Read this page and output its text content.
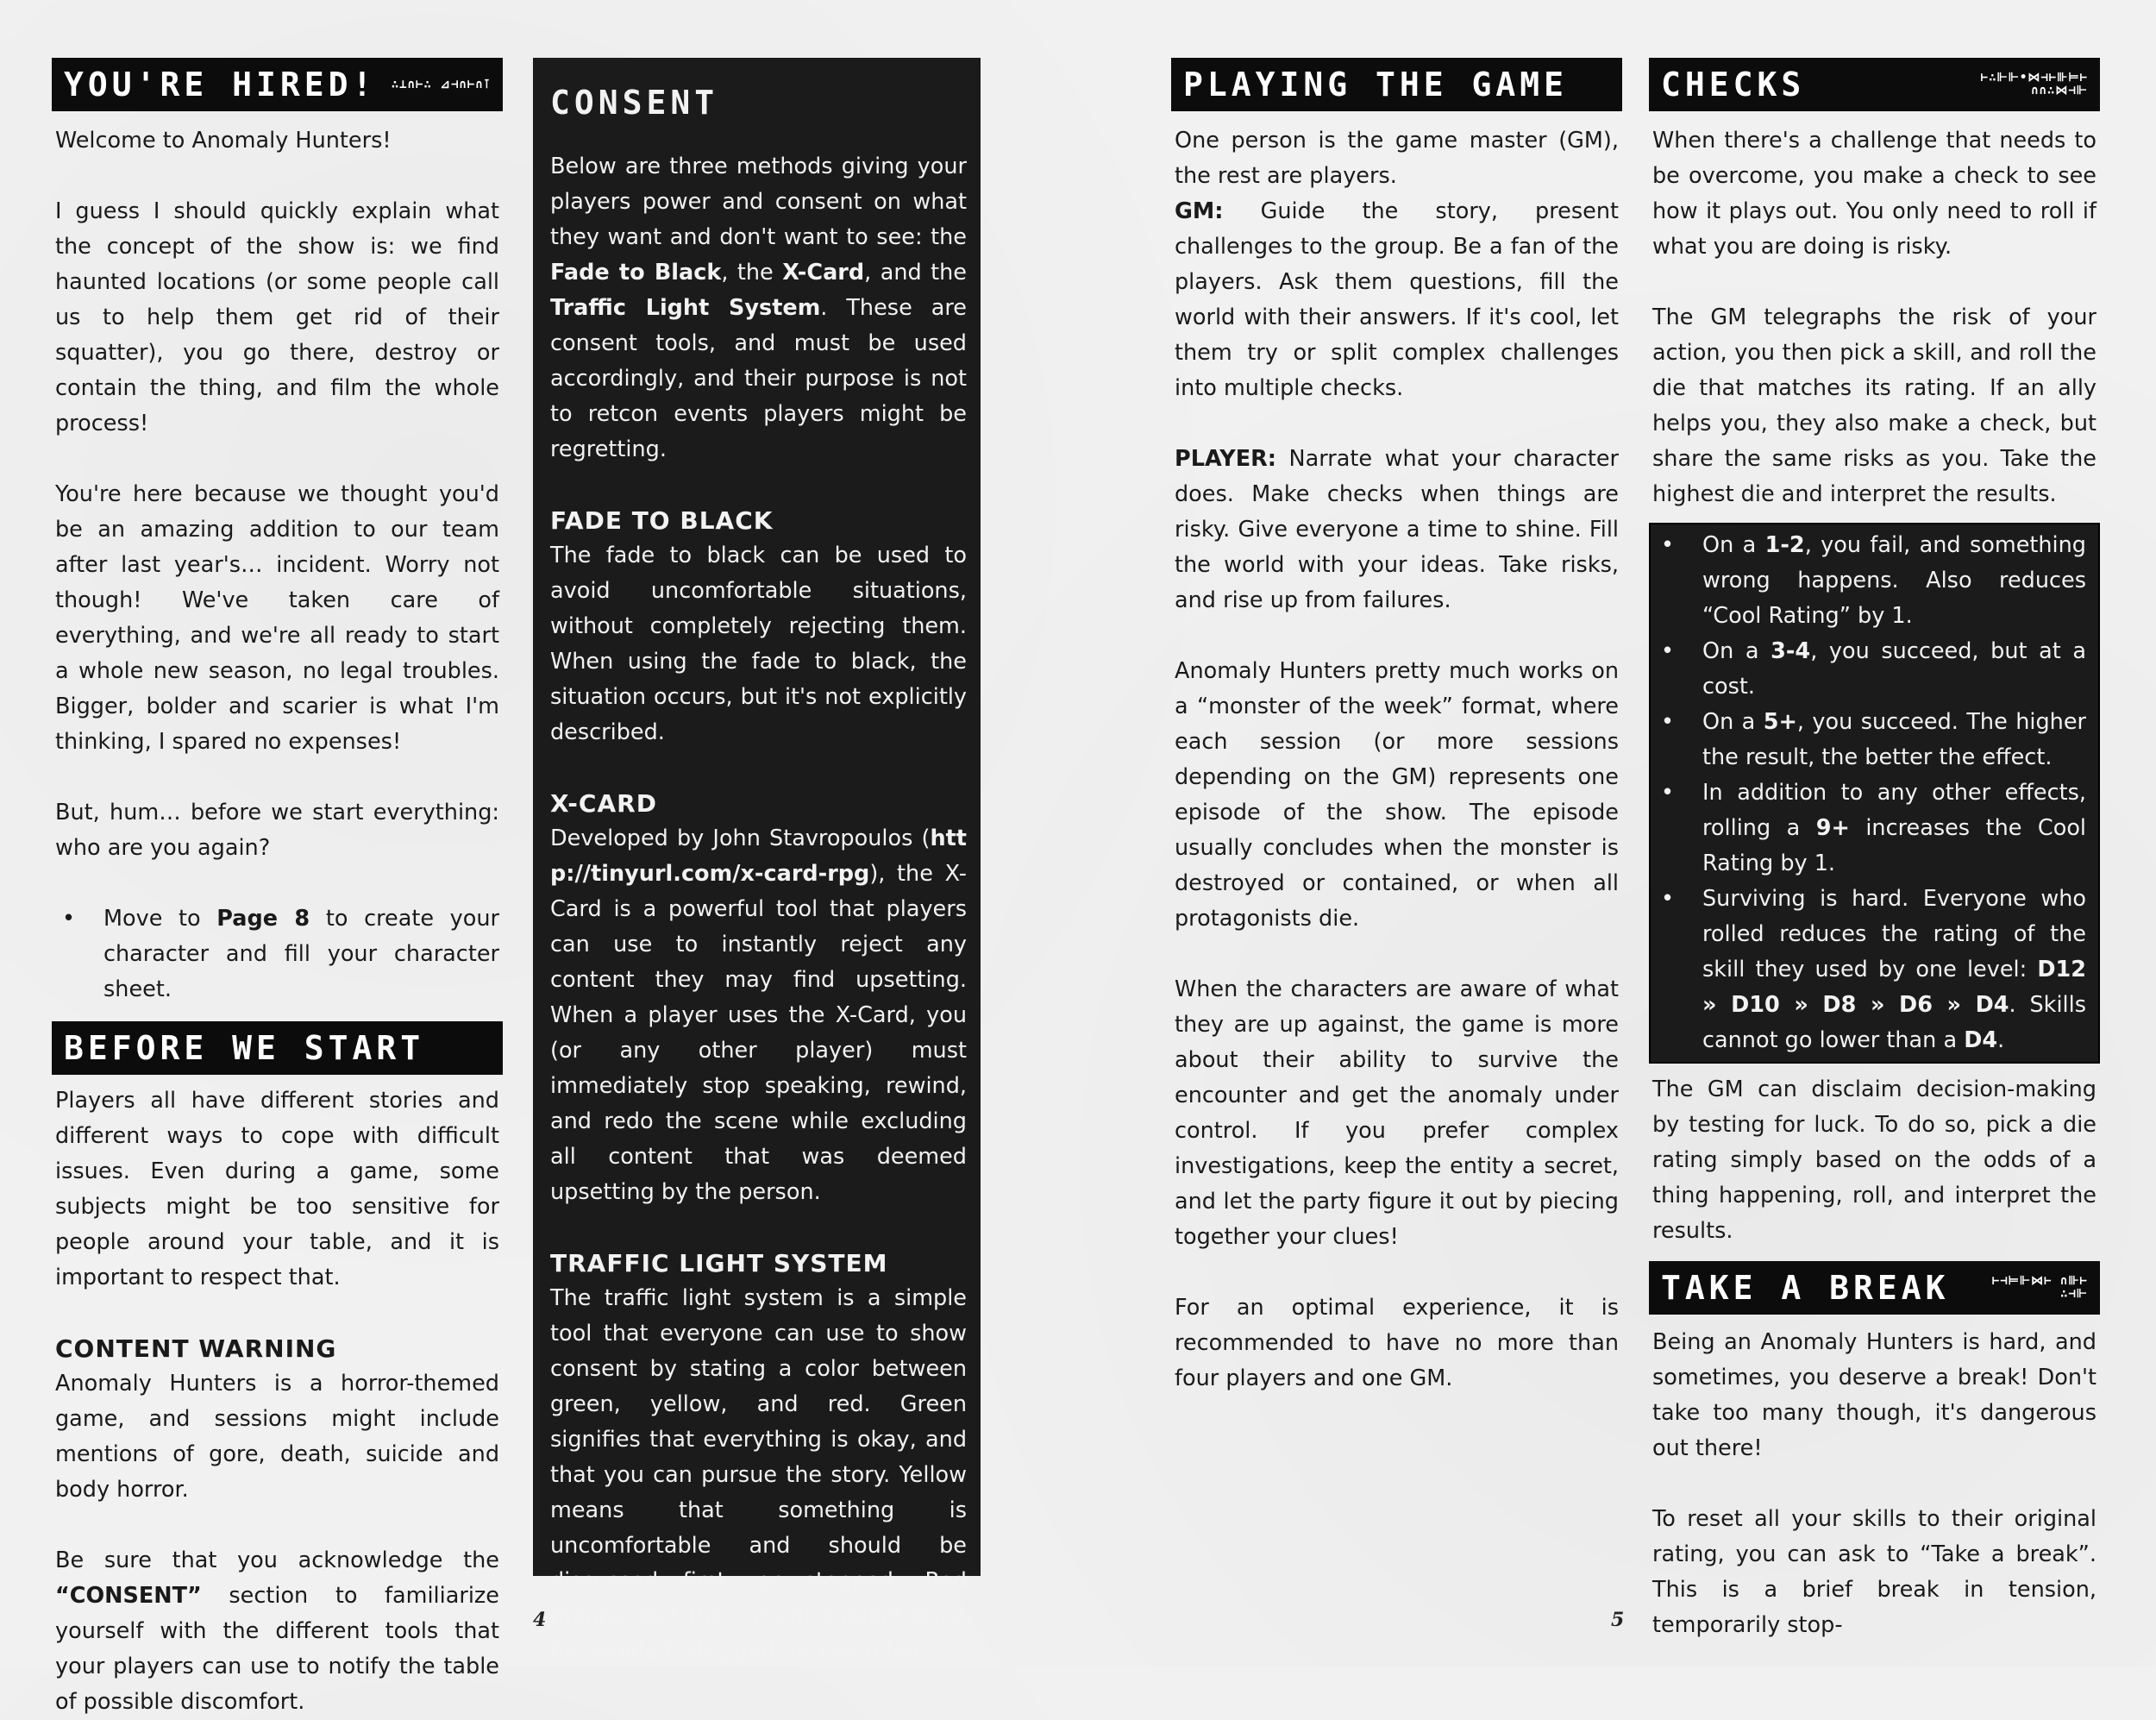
YOU'RE HIRED!	∴⊥∩⊢∴ ⊿⊣∩⊢∩⊺

Welcome to Anomaly Hunters!

I guess I should quickly explain what the concept of the show is: we find haunted locations (or some people call us to help them get rid of their squatter), you go there, destroy or contain the thing, and film the whole process!

You're here because we thought you'd be an amazing addition to our team after last year's… incident. Worry not though! We've taken care of everything, and we're all ready to start a whole new season, no legal troubles. Bigger, bolder and scarier is what I'm thinking, I spared no expenses!

But, hum… before we start everything: who are you again?

• Move to Page 8 to create your character and fill your character sheet.
BEFORE WE START

Players all have different stories and different ways to cope with difficult issues. Even during a game, some subjects might be too sensitive for people around your table, and it is important to respect that.

CONTENT WARNING

Anomaly Hunters is a horror-themed game, and sessions might include mentions of gore, death, suicide and body horror.

Be sure that you acknowledge the “CONSENT” section to familiarize yourself with the different tools that your players can use to notify the table of possible discomfort.

CONSENT

Below are three methods giving your players power and consent on what they want and don't want to see: the Fade to Black, the X-Card, and the Traffic Light System. These are consent tools, and must be used accordingly, and their purpose is not to retcon events players might be regretting.

FADE TO BLACK

The fade to black can be used to avoid uncomfortable situations, without completely rejecting them. When using the fade to black, the situation occurs, but it's not explicitly described.

X-CARD

Developed by John Stavropoulos (http://tinyurl.com/x-card-rpg), the X-Card is a powerful tool that players can use to instantly reject any content they may find upsetting. When a player uses the X-Card, you (or any other player) must immediately stop speaking, rewind, and redo the scene while excluding all content that was deemed upsetting by the person.

TRAFFIC LIGHT SYSTEM

The traffic light system is a simple tool that everyone can use to show consent by stating a color between green, yellow, and red. Green signifies that everything is okay, and that you can pursue the story. Yellow means that something is uncomfortable and should be discussed first, or stopped. Red means that the current subject must be avoided, stopped, or rewinded.

4	5
PLAYING THE GAME

One person is the game master (GM), the rest are players.

GM: Guide the story, present challenges to the group. Be a fan of the players. Ask them questions, fill the world with their answers. If it's cool, let them try or split complex challenges into multiple checks.

PLAYER: Narrate what your character does. Make checks when things are risky. Give everyone a time to shine. Fill the world with your ideas. Take risks, and rise up from failures.

Anomaly Hunters pretty much works on a “monster of the week” format, where each session (or more sessions depending on the GM) represents one episode of the show. The episode usually concludes when the monster is destroyed or contained, or when all protagonists die.

When the characters are aware of what they are up against, the game is more about their ability to survive the encounter and get the anomaly under control. If you prefer complex investigations, keep the entity a secret, and let the party figure it out by piecing together your clues!

For an optimal experience, it is recommended to have no more than four players and one GM.

CHECKS	⊢∴⊩⊩•⋈⊣⊢⊪⊨⊢ ∩∩∴⋈⊣⊩

When there's a challenge that needs to be overcome, you make a check to see how it plays out. You only need to roll if what you are doing is risky.

The GM telegraphs the risk of your action, you then pick a skill, and roll the die that matches its rating. If an ally helps you, they also make a check, but share the same risks as you. Take the highest die and interpret the results.

• On a 1-2, you fail, and something wrong happens. Also reduces “Cool Rating” by 1.
• On a 3-4, you succeed, but at a cost.
• On a 5+, you succeed. The higher the result, the better the effect.
• In addition to any other effects, rolling a 9+ increases the Cool Rating by 1.
• Surviving is hard. Everyone who rolled reduces the rating of the skill they used by one level: D12 » D10 » D8 » D6 » D4. Skills cannot go lower than a D4.

The GM can disclaim decision-making by testing for luck. To do so, pick a die rating simply based on the odds of a thing happening, roll, and interpret the results.

TAKE A BREAK	⊢⊣⊨⊩⋈⊢ ∩⊪⊢ ∴⊣⊩

Being an Anomaly Hunters is hard, and sometimes, you deserve a break! Don't take too many though, it's dangerous out there!

To reset all your skills to their original rating, you can ask to “Take a break”. This is a brief break in tension, temporarily stop-
